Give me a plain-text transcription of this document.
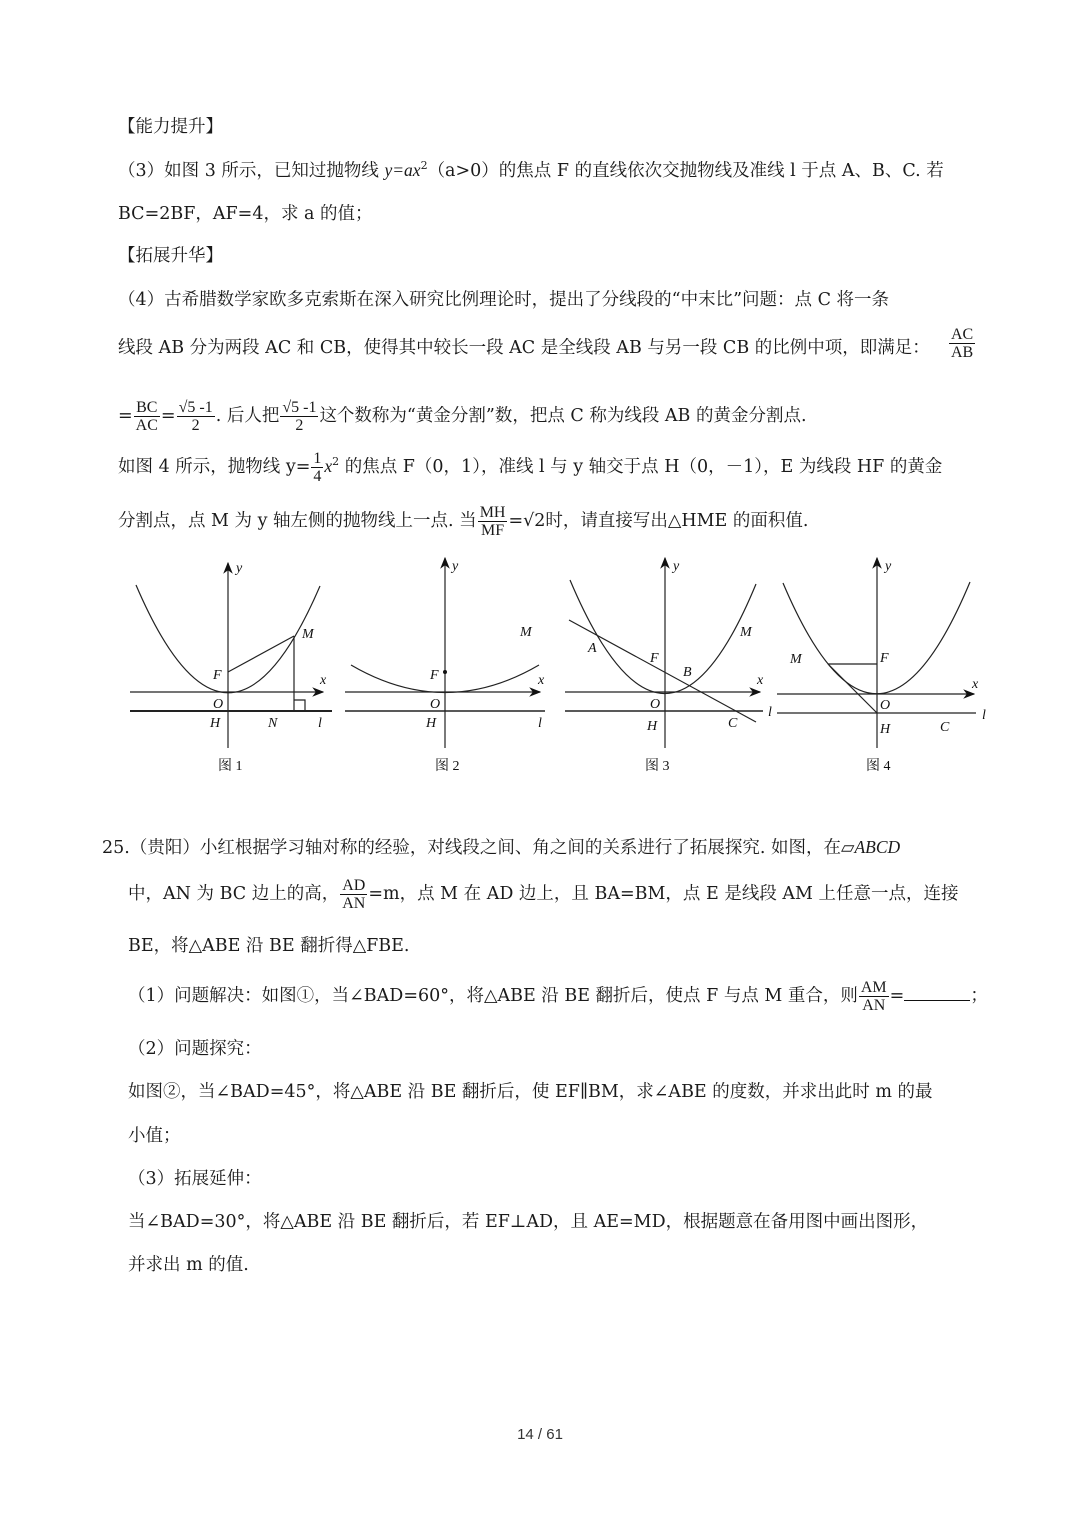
【能力提升】
（3）如图 3 所示，已知过抛物线 $y=ax^2(a>0)$的焦点 F 的直线依次交抛物线及准线 l 于点 A、B、C. 若
BC=2BF，AF=4，求 a 的值；
【拓展升华】
（4）古希腊数学家欧多克索斯在深入研究比例理论时，提出了分线段的“中末比”问题：点 C 将一条
线段 AB 分为两段 AC 和 CB，使得其中较长一段 AC 是全线段 AB 与另一段 CB 的比例中项，即满足： $\frac{AC}{AB}$
= $\frac{BC}{AC} = \frac{√5 -1}{2}$ . 后人把 $\frac{√5 -1}{2}$ 这个数称为“黄金分割”数，把点 C 称为线段 AB 的黄金分割点.
如图 4 所示，抛物线 $y= \frac{1}{4} x^2$ 的焦点 F（0，1），准线 l 与 y 轴交于点 H（0，－1），E 为线段 HF 的黄金
分割点，点 M 为 y 轴左侧的抛物线上一点. 当 $\frac{MH}{MF} =√2$时，请直接写出△HME 的面积值.
y
x
F
M
O
H	N	l
图 1
y
x
F
M
O
H	l
图 2
y
x
A
F
B
M
O
H	C
l
图 3
y
x
M	F
O
H	C
l
图 4
25.（贵阳）小红根据学习轴对称的经验，对线段之间、角之间的关系进行了拓展探究. 如图，在▱ABCD
中，AN 为 BC 边上的高， $\frac{AD}{AN} =m$，点 M 在 AD 边上，且 BA=BM，点 E 是线段 AM 上任意一点，连接
BE，将△ABE 沿 BE 翻折得△FBE.
（1）问题解决：如图①，当∠BAD=60°，将△ABE 沿 BE 翻折后，使点 F 与点 M 重合，则 $\frac{AM}{AN}$ =	；
（2）问题探究：
如图②，当∠BAD=45°，将△ABE 沿 BE 翻折后，使 EF∥BM，求∠ABE 的度数，并求出此时 m 的最
小值；
（3）拓展延伸：
当∠BAD=30°，将△ABE 沿 BE 翻折后，若 EF⊥AD，且 AE=MD，根据题意在备用图中画出图形，
并求出 m 的值.
14 / 61
